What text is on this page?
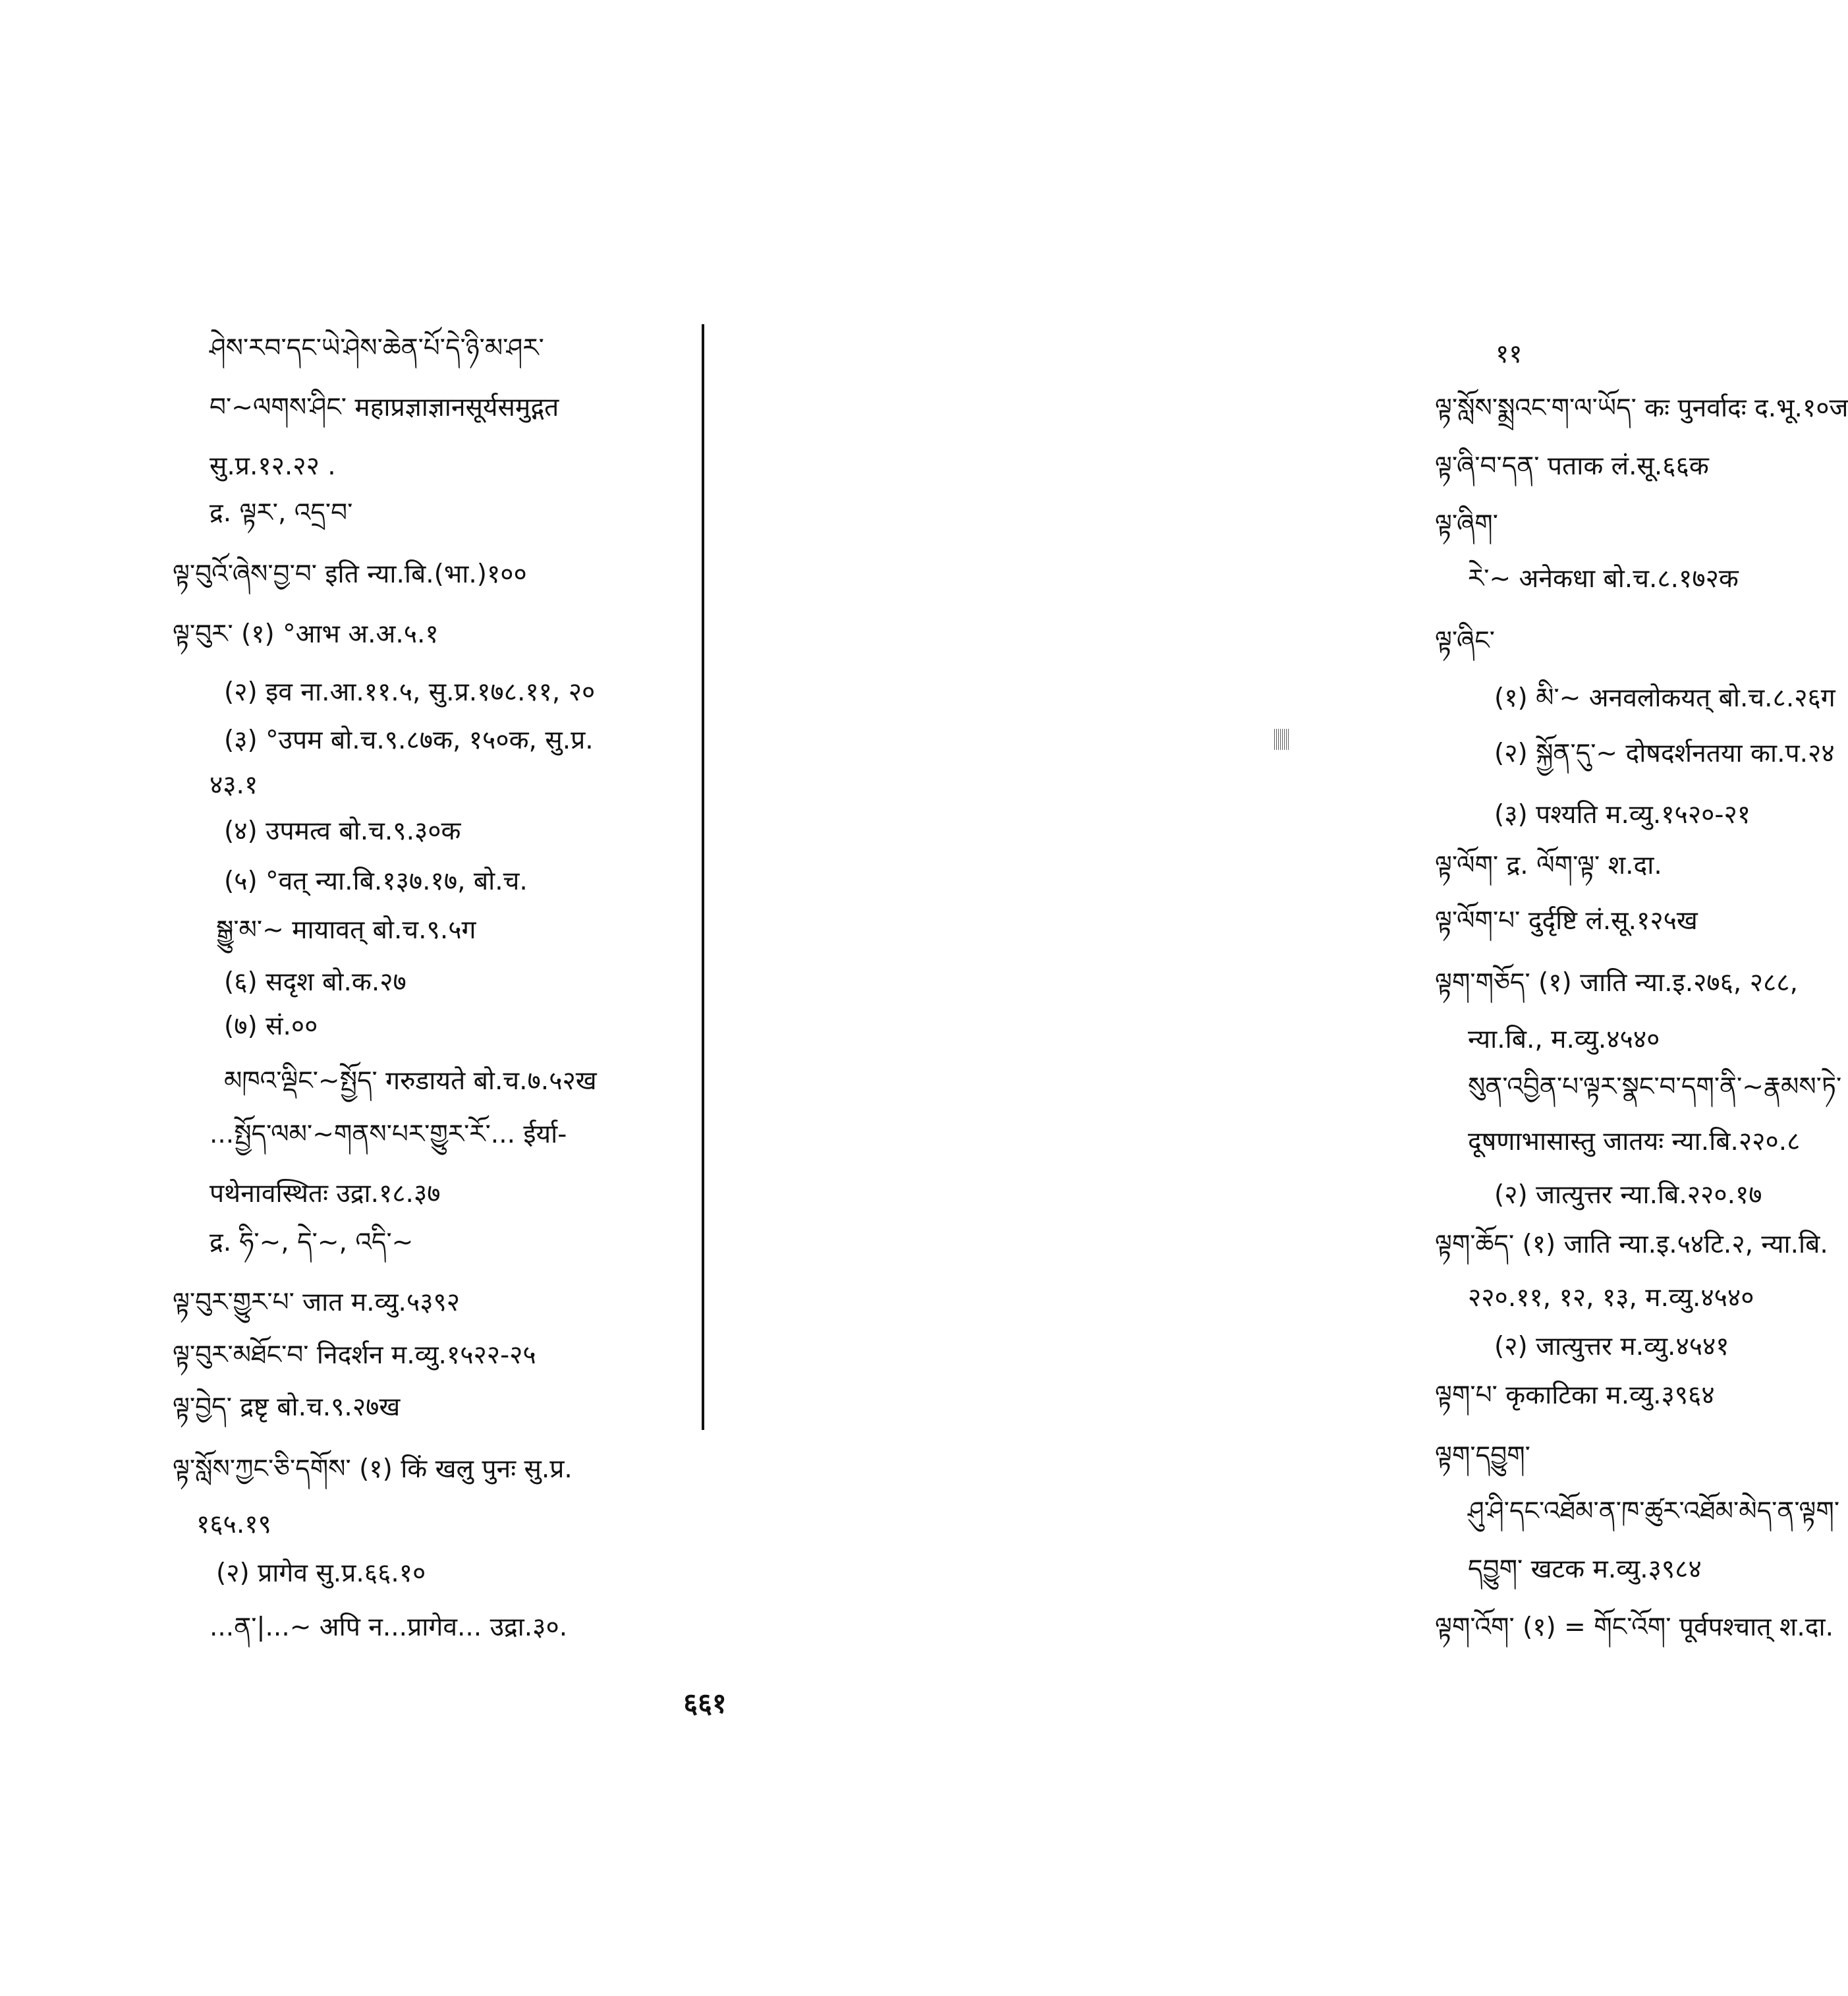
ཤེས་རབ་དང་ཡེ་ཤེས་ཆེན་པོ་དེ་ཉི་མ་ཤར་
བ་~ལགས་ཤིང་ महाप्रज्ञाज्ञानसूर्यसमुद्गत
सु.प्र.१२.२२ .
द्र. ལྟར་, འདྲ་བ་
ལྟ་བུའོ་ཞེས་བྱ་བ་ इति न्या.बि.(भा.)१००
ལྟ་བུར་ (१) °आभ अ.अ.५.१
(२) इव ना.आ.११.५, सु.प्र.१७८.११, २०
(३) °उपम बो.च.९.८७क, १५०क, सु.प्र.
४३.१
(४) उपमत्व बो.च.९.३०क
(५) °वत् न्या.बि.१३७.१७, बो.च.
སྒྱུ་མ་~ मायावत् बो.च.९.५ग
(६) सदृश बो.क.२७
(७) सं.००
མཁའ་ལྡིང་~སྤྱོད་ गरुडायते बो.च.७.५२ख
...སྤྱོད་ལམ་~གནས་པར་གྱུར་རོ་... ईर्या-
पथेनावस्थितः उद्रा.१८.३७
द्र. ཧི་~, དེ་~, འདི་~
ལྟ་བུར་གྱུར་པ་ जात म.व्यु.५३९२
ལྟ་བུར་མཐོང་བ་ निदर्शन म.व्यु.१५२२-२५
ལྟ་བྱེད་ द्रष्टृ बो.च.९.२७ख
ལྟ་སློས་ཀྱང་ཅི་དགོས་ (१) किं खलु पुनः सु.प्र.
१६५.१९
(२) प्रागेव सु.प्र.६६.१०
...ན་|...~ अपि न...प्रागेव... उद्रा.३०.
११
ལྟ་སློས་སྨྲའང་ག་ལ་ཡོད་ कः पुनर्वादः द.भू.१०ज
ལྟ་ཞི་བ་དན་ पताक लं.सू.६६क
ལྟ་ཞིག་
རེ་~ अनेकधा बो.च.८.१७२क
ལྟ་ཞིང་
(१) མི་~ अनवलोकयत् बो.च.८.२६ग
(२) སྐྱོན་དུ་~ दोषदर्शनतया का.प.२४
(३) पश्यति म.व्यु.१५२०-२१
ལྟ་ལོག་ द्र. ལོག་ལྟ་ श.दा.
ལྟ་ལོག་པ་ दुर्दृष्टि लं.सू.१२५ख
ལྟག་གཅོད་ (१) जाति न्या.इ.२७६, २८८,
न्या.बि., म.व्यु.४५४०
སུན་འབྱིན་པ་ལྟར་སྣང་བ་དག་ནི་~རྣམས་ཏེ་
दूषणाभासास्तु जातयः न्या.बि.२२०.८
(२) जात्युत्तर न्या.बि.२२०.१७
ལྟག་ཆོད་ (१) जाति न्या.इ.५४टि.२, न्या.बि.
२२०.११, १२, १३, म.व्यु.४५४०
(२) जात्युत्तर म.व्यु.४५४१
ལྟག་པ་ कृकाटिका म.व्यु.३९६४
ལྟག་དབྱུག་
ཤུ་ཤི་དང་འཐོམ་ན་ཁ་ཚུར་འཐོམ་མེད་ན་ལྟག་
དབྱུག་ खटक म.व्यु.३९८४
ལྟག་འོག་ (१) = གོང་འོག་ पूर्वपश्चात् श.दा.
६६१
